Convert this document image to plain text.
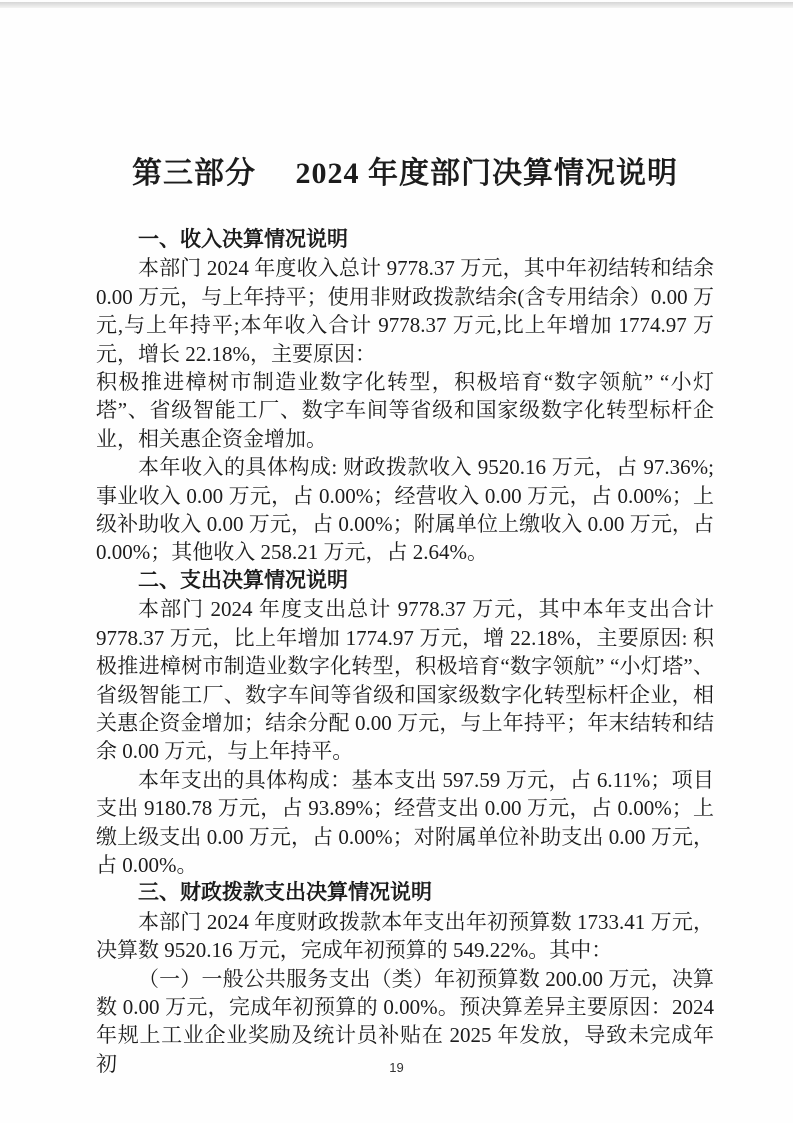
第三部分　 2024 年度部门决算情况说明
一、收入决算情况说明

本部门 2024 年度收入总计 9778.37 万元，其中年初结转和结余 0.00 万元，与上年持平；使用非财政拨款结余(含专用结余）0.00 万元,与上年持平;本年收入合计 9778.37 万元,比上年增加 1774.97 万元，增长 22.18%，主要原因：

积极推进樟树市制造业数字化转型，积极培育“数字领航” “小灯塔”、省级智能工厂、数字车间等省级和国家级数字化转型标杆企业，相关惠企资金增加。

本年收入的具体构成: 财政拨款收入 9520.16 万元，占 97.36%; 事业收入 0.00 万元，占 0.00%；经营收入 0.00 万元，占 0.00%；上级补助收入 0.00 万元，占 0.00%；附属单位上缴收入 0.00 万元，占 0.00%；其他收入 258.21 万元，占 2.64%。

二、支出决算情况说明

本部门 2024 年度支出总计 9778.37 万元，其中本年支出合计 9778.37 万元，比上年增加 1774.97 万元，增 22.18%，主要原因: 积极推进樟树市制造业数字化转型，积极培育“数字领航” “小灯塔”、省级智能工厂、数字车间等省级和国家级数字化转型标杆企业，相关惠企资金增加；结余分配 0.00 万元，与上年持平；年末结转和结余 0.00 万元，与上年持平。

本年支出的具体构成：基本支出 597.59 万元，占 6.11%；项目支出 9180.78 万元，占 93.89%；经营支出 0.00 万元，占 0.00%；上缴上级支出 0.00 万元，占 0.00%；对附属单位补助支出 0.00 万元，占 0.00%。

三、财政拨款支出决算情况说明

本部门 2024 年度财政拨款本年支出年初预算数 1733.41 万元，决算数 9520.16 万元，完成年初预算的 549.22%。其中：

（一）一般公共服务支出（类）年初预算数 200.00 万元，决算数 0.00 万元，完成年初预算的 0.00%。预决算差异主要原因：2024 年规上工业企业奖励及统计员补贴在 2025 年发放，导致未完成年初	19
